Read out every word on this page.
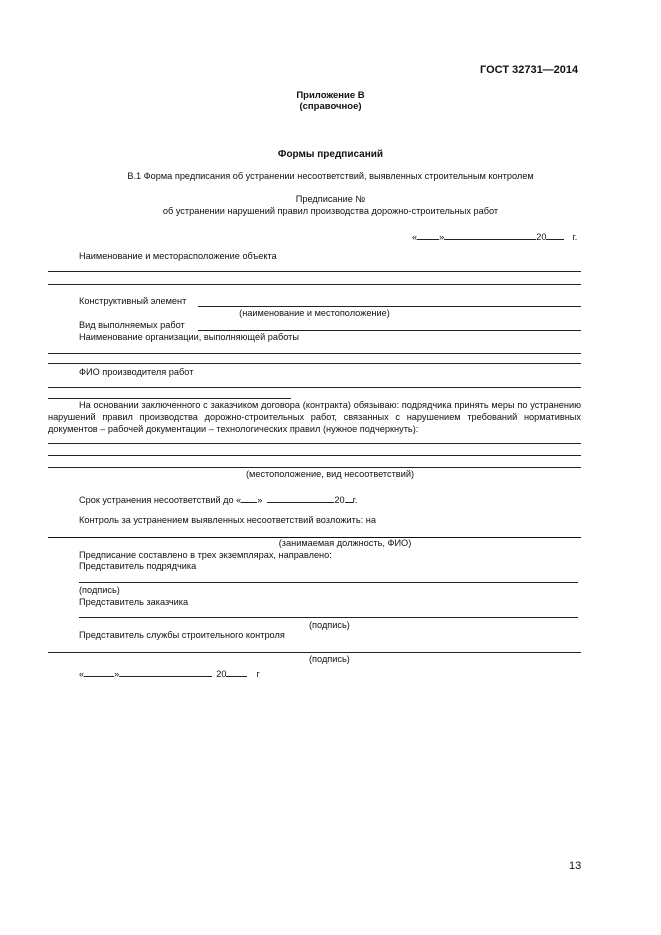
ГОСТ 32731—2014
Приложение В
(справочное)
Формы предписаний
В.1 Форма предписания об устранении несоответствий, выявленных строительным контролем
Предписание №
об устранении нарушений правил производства дорожно-строительных работ
« »	20	г.
Наименование и месторасположение объекта
Конструктивный элемент
(наименование и местоположение)
Вид выполняемых работ
Наименование организации, выполняющей работы
ФИО производителя работ
На основании заключенного с заказчиком договора (контракта) обязываю: подрядчика принять меры по устранению нарушений правил производства дорожно-строительных работ, связанных с нарушением требований нормативных документов – рабочей документации – технологических правил (нужное подчеркнуть):
(местоположение, вид несоответствий)
Срок устранения несоответствий до « »	20 г.
Контроль за устранением выявленных несоответствий возложить: на
(занимаемая должность, ФИО)
Предписание составлено в трех экземплярах, направлено:
Представитель подрядчика
(подпись)
Представитель заказчика
(подпись)
Представитель службы строительного контроля
(подпись)
«	»	20	г
13
